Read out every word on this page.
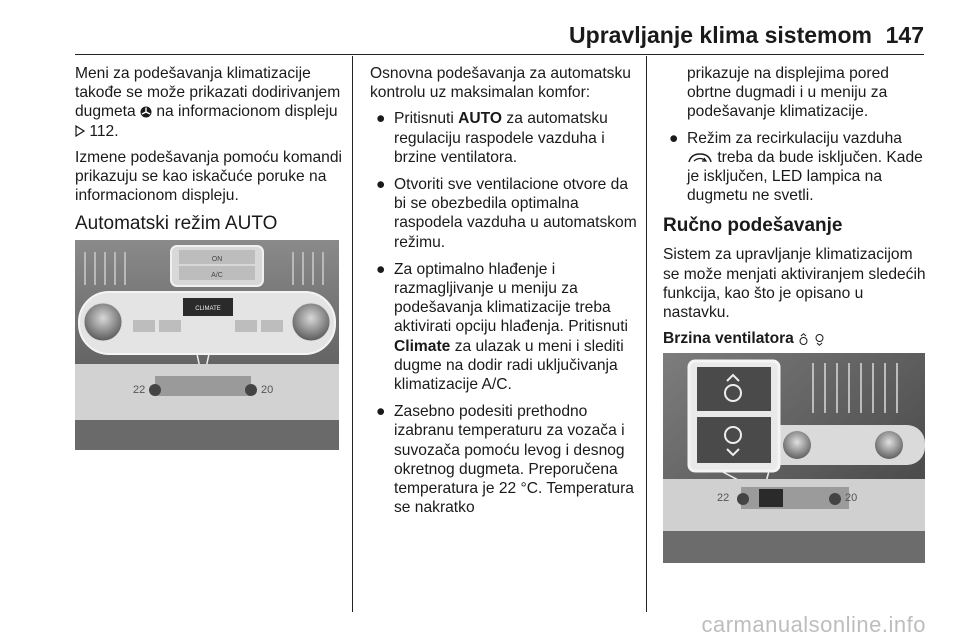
Upravljanje klima sistemom 147

Meni za podešavanja klimatizacije takođe se može prikazati dodirivanjem dugmeta na informacionom displeju  112.

Izmene podešavanja pomoću komandi prikazuju se kao iskačuće poruke na informacionom displeju.

Automatski režim AUTO
ON
A/C
CLIMATE
22	20

Osnovna podešavanja za automatsku kontrolu uz maksimalan komfor:

● Pritisnuti AUTO za automatsku regulaciju raspodele vazduha i brzine ventilatora.

● Otvoriti sve ventilacione otvore da bi se obezbedila optimalna raspodela vazduha u automatskom režimu.

● Za optimalno hlađenje i razmagljivanje u meniju za podešavanja klimatizacije treba aktivirati opciju hlađenja. Pritisnuti Climate za ulazak u meni i slediti dugme na dodir radi uključivanja klimatizacije A/C.

● Zasebno podesiti prethodno izabranu temperaturu za vozača i suvozača pomoću levog i desnog okretnog dugmeta. Preporučena temperatura je 22 °C. Temperatura se nakratko

prikazuje na displejima pored obrtne dugmadi i u meniju za podešavanje klimatizacije.

● Režim za recirkulaciju vazduha  treba da bude isključen. Kade je isključen, LED lampica na dugmetu ne svetli.

Ručno podešavanje

Sistem za upravljanje klimatizacijom se može menjati aktiviranjem sledećih funkcija, kao što je opisano u nastavku.

Brzina ventilatora

22	20
carmanualsonline.info
